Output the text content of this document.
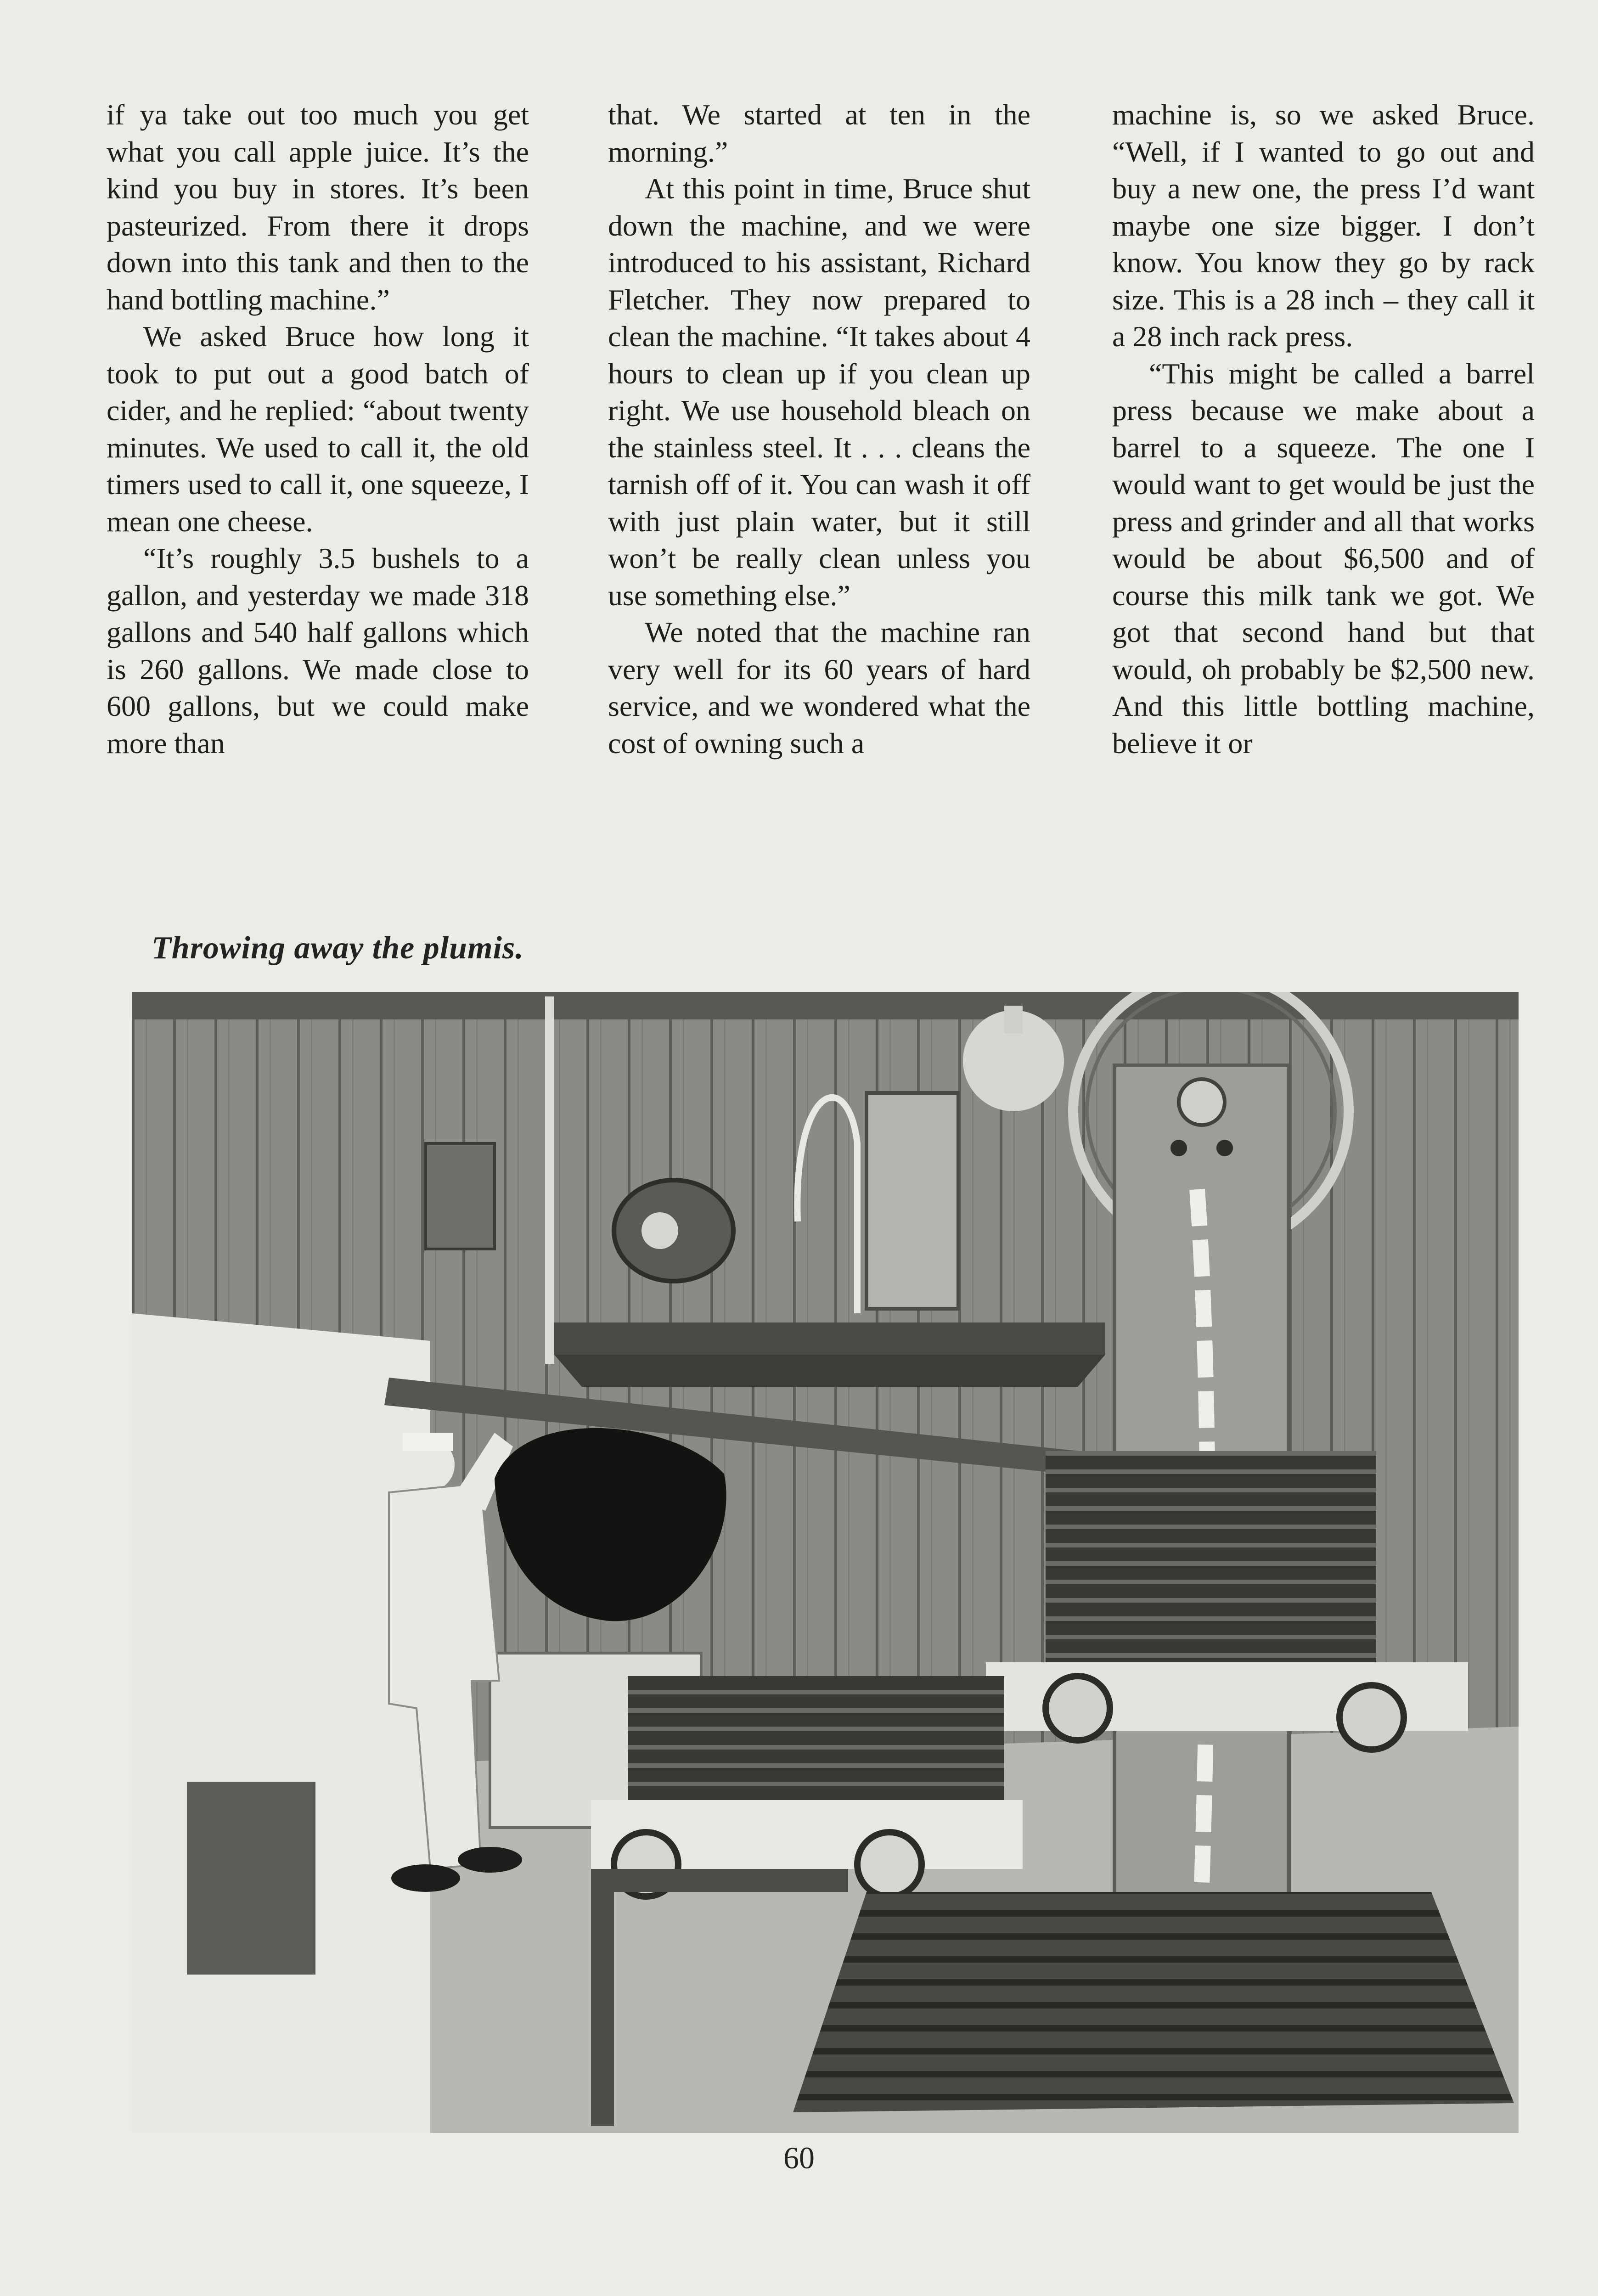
if ya take out too much you get what you call apple juice. It’s the kind you buy in stores. It’s been pasteurized. From there it drops down into this tank and then to the hand bottling machine.”

We asked Bruce how long it took to put out a good batch of cider, and he replied: “about twenty minutes. We used to call it, the old timers used to call it, one squeeze, I mean one cheese.

“It’s roughly 3.5 bushels to a gallon, and yesterday we made 318 gallons and 540 half gallons which is 260 gallons. We made close to 600 gallons, but we could make more than

that. We started at ten in the morning.”

At this point in time, Bruce shut down the machine, and we were introduced to his assistant, Richard Fletcher. They now prepared to clean the machine. “It takes about 4 hours to clean up if you clean up right. We use household bleach on the stainless steel. It . . . cleans the tarnish off of it. You can wash it off with just plain water, but it still won’t be really clean unless you use something else.”

We noted that the machine ran very well for its 60 years of hard service, and we wondered what the cost of owning such a

machine is, so we asked Bruce. “Well, if I wanted to go out and buy a new one, the press I’d want maybe one size bigger. I don’t know. You know they go by rack size. This is a 28 inch – they call it a 28 inch rack press.

“This might be called a barrel press because we make about a barrel to a squeeze. The one I would want to get would be just the press and grinder and all that works would be about $6,500 and of course this milk tank we got. We got that second hand but that would, oh probably be $2,500 new. And this little bottling machine, believe it or

Throwing away the plumis.
60
